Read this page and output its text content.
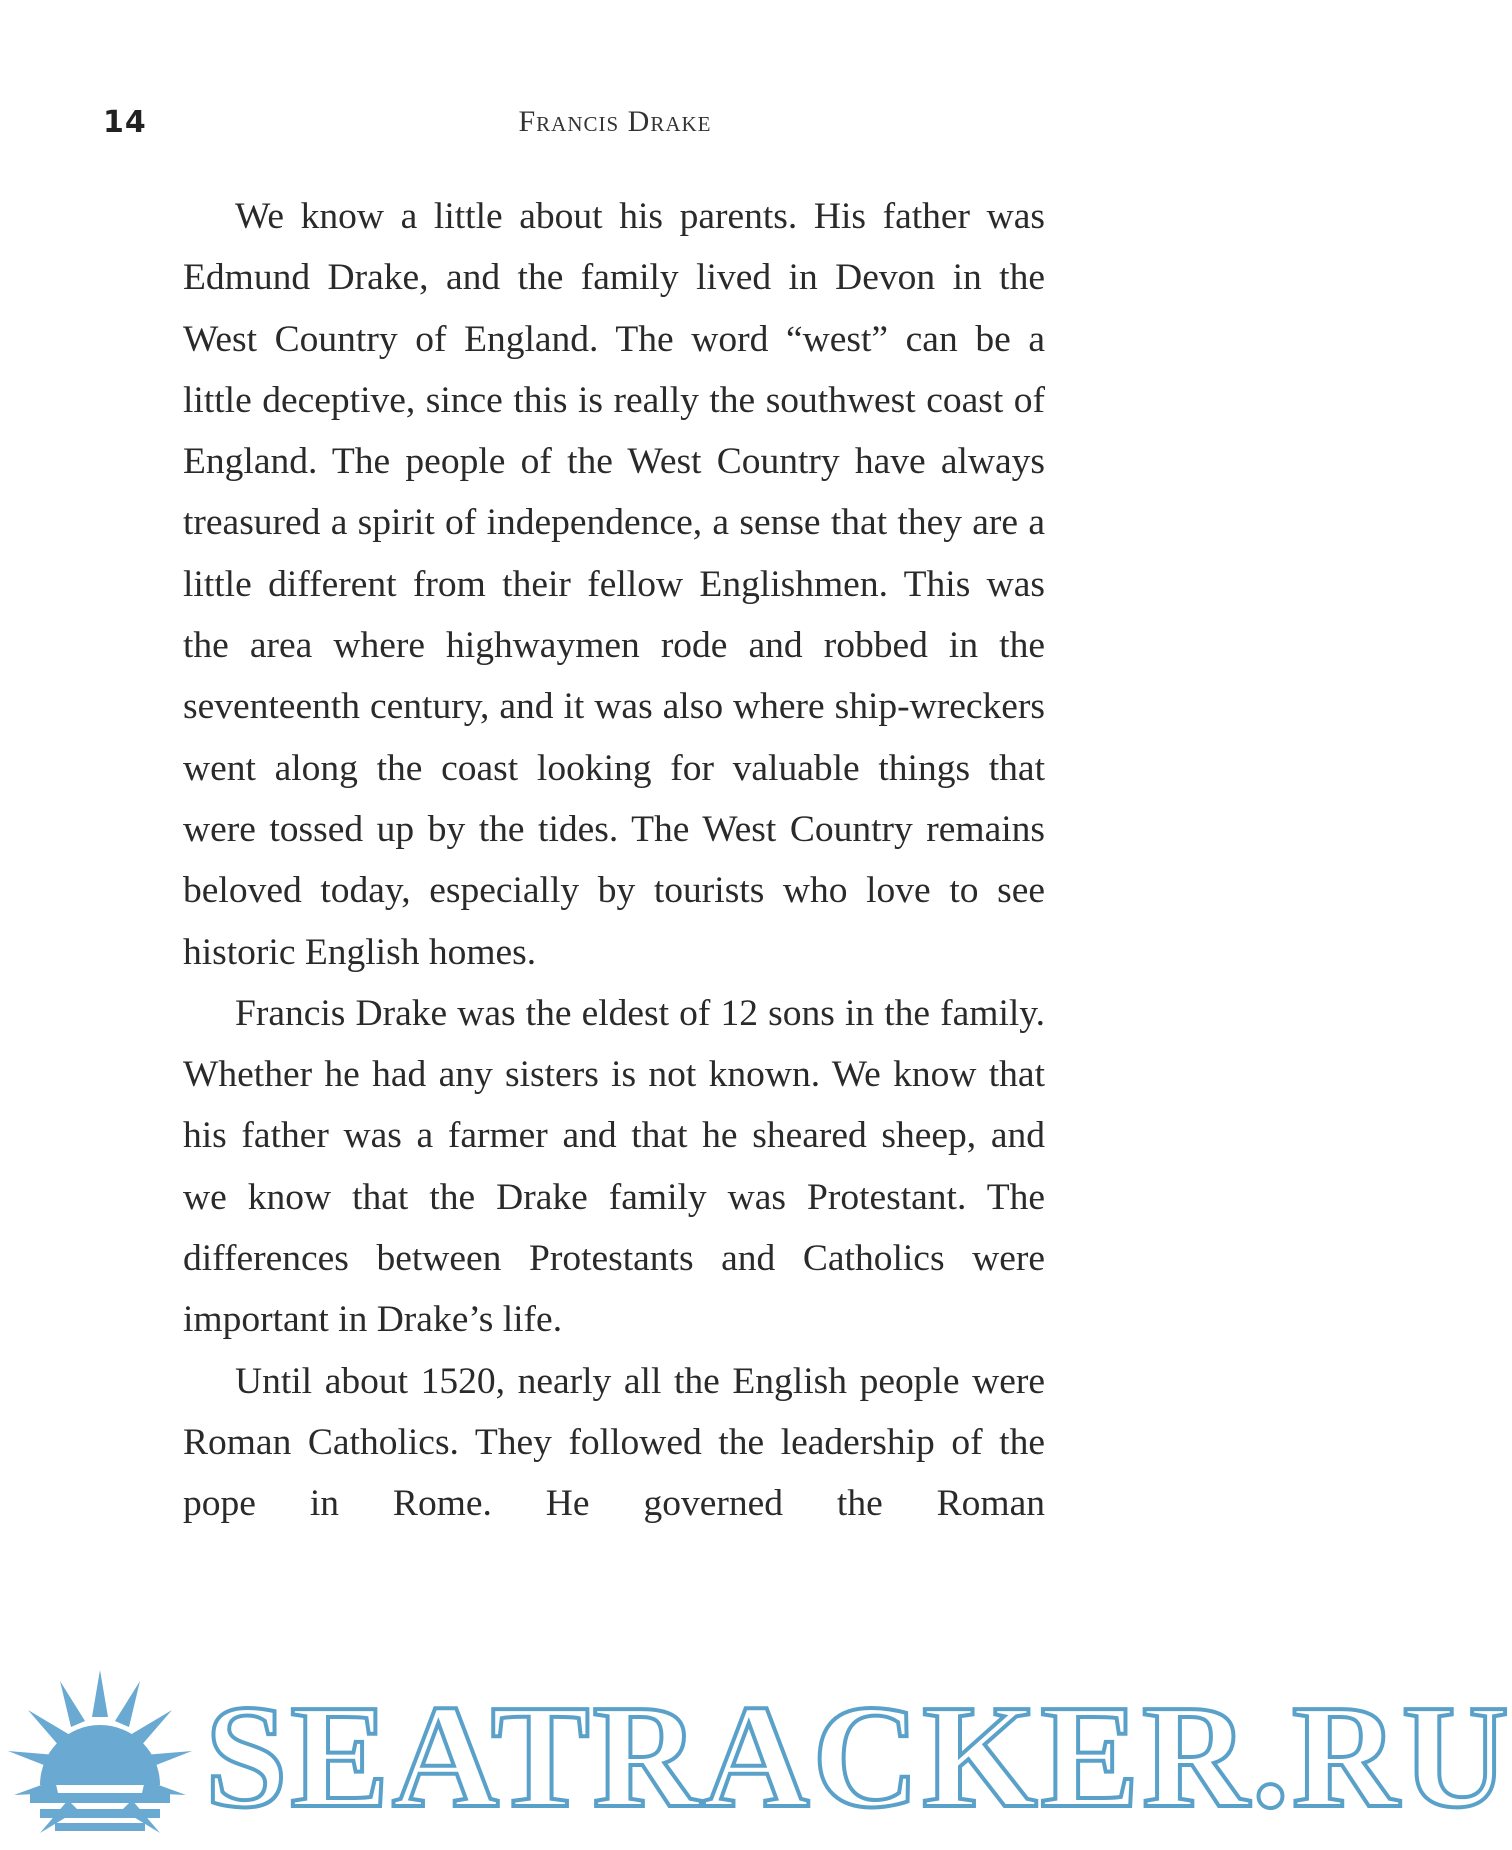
14	Francis Drake

We know a little about his parents. His father was Edmund Drake, and the family lived in Devon in the West Country of England. The word “west” can be a little deceptive, since this is really the southwest coast of England. The people of the West Country have always treasured a spirit of independence, a sense that they are a little different from their fellow Englishmen. This was the area where highwaymen rode and robbed in the seventeenth century, and it was also where ship-wreckers went along the coast looking for valuable things that were tossed up by the tides. The West Country remains beloved today, especially by tourists who love to see historic English homes.

Francis Drake was the eldest of 12 sons in the family. Whether he had any sisters is not known. We know that his father was a farmer and that he sheared sheep, and we know that the Drake family was Protestant. The differences between Protestants and Catholics were important in Drake’s life.

Until about 1520, nearly all the English people were Roman Catholics. They followed the leadership of the pope in Rome. He governed the Roman

SEATRACKER.RU
